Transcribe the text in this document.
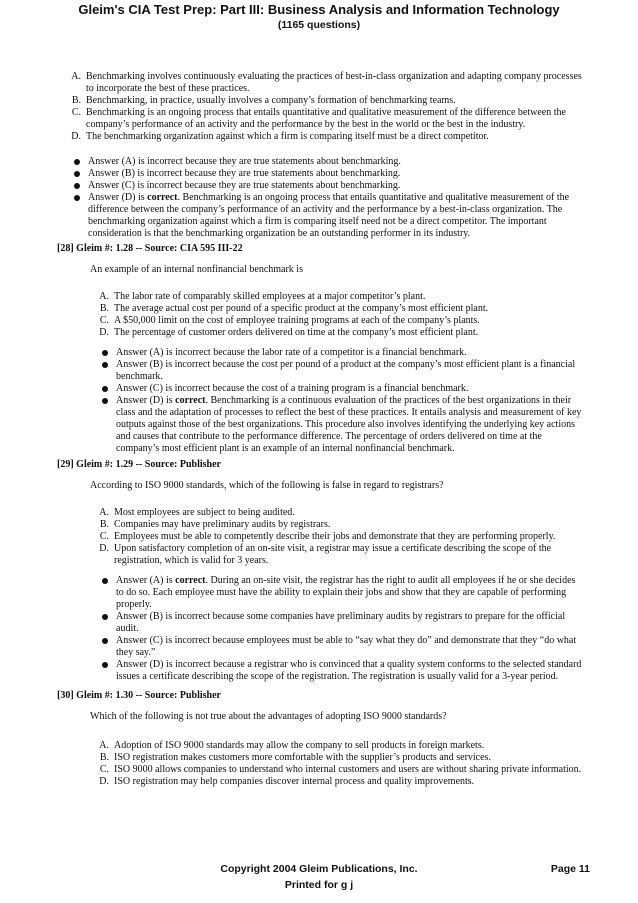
Gleim's CIA Test Prep: Part III: Business Analysis and Information Technology
(1165 questions)
A. Benchmarking involves continuously evaluating the practices of best-in-class organization and adapting company processes to incorporate the best of these practices.
B. Benchmarking, in practice, usually involves a company’s formation of benchmarking teams.
C. Benchmarking is an ongoing process that entails quantitative and qualitative measurement of the difference between the company’s performance of an activity and the performance by the best in the world or the best in the industry.
D. The benchmarking organization against which a firm is comparing itself must be a direct competitor.
Answer (A) is incorrect because they are true statements about benchmarking.
Answer (B) is incorrect because they are true statements about benchmarking.
Answer (C) is incorrect because they are true statements about benchmarking.
Answer (D) is correct. Benchmarking is an ongoing process that entails quantitative and qualitative measurement of the difference between the company’s performance of an activity and the performance by a best-in-class organization. The benchmarking organization against which a firm is comparing itself need not be a direct competitor. The important consideration is that the benchmarking organization be an outstanding performer in its industry.
[28] Gleim #: 1.28 -- Source: CIA 595 III-22
An example of an internal nonfinancial benchmark is
A. The labor rate of comparably skilled employees at a major competitor’s plant.
B. The average actual cost per pound of a specific product at the company’s most efficient plant.
C. A $50,000 limit on the cost of employee training programs at each of the company’s plants.
D. The percentage of customer orders delivered on time at the company’s most efficient plant.
Answer (A) is incorrect because the labor rate of a competitor is a financial benchmark.
Answer (B) is incorrect because the cost per pound of a product at the company’s most efficient plant is a financial benchmark.
Answer (C) is incorrect because the cost of a training program is a financial benchmark.
Answer (D) is correct. Benchmarking is a continuous evaluation of the practices of the best organizations in their class and the adaptation of processes to reflect the best of these practices. It entails analysis and measurement of key outputs against those of the best organizations. This procedure also involves identifying the underlying key actions and causes that contribute to the performance difference. The percentage of orders delivered on time at the company’s most efficient plant is an example of an internal nonfinancial benchmark.
[29] Gleim #: 1.29 -- Source: Publisher
According to ISO 9000 standards, which of the following is false in regard to registrars?
A. Most employees are subject to being audited.
B. Companies may have preliminary audits by registrars.
C. Employees must be able to competently describe their jobs and demonstrate that they are performing properly.
D. Upon satisfactory completion of an on-site visit, a registrar may issue a certificate describing the scope of the registration, which is valid for 3 years.
Answer (A) is correct. During an on-site visit, the registrar has the right to audit all employees if he or she decides to do so. Each employee must have the ability to explain their jobs and show that they are capable of performing properly.
Answer (B) is incorrect because some companies have preliminary audits by registrars to prepare for the official audit.
Answer (C) is incorrect because employees must be able to “say what they do” and demonstrate that they “do what they say.”
Answer (D) is incorrect because a registrar who is convinced that a quality system conforms to the selected standard issues a certificate describing the scope of the registration. The registration is usually valid for a 3-year period.
[30] Gleim #: 1.30 -- Source: Publisher
Which of the following is not true about the advantages of adopting ISO 9000 standards?
A. Adoption of ISO 9000 standards may allow the company to sell products in foreign markets.
B. ISO registration makes customers more comfortable with the supplier’s products and services.
C. ISO 9000 allows companies to understand who internal customers and users are without sharing private information.
D. ISO registration may help companies discover internal process and quality improvements.
Copyright 2004 Gleim Publications, Inc.
Printed for g j
Page 11
